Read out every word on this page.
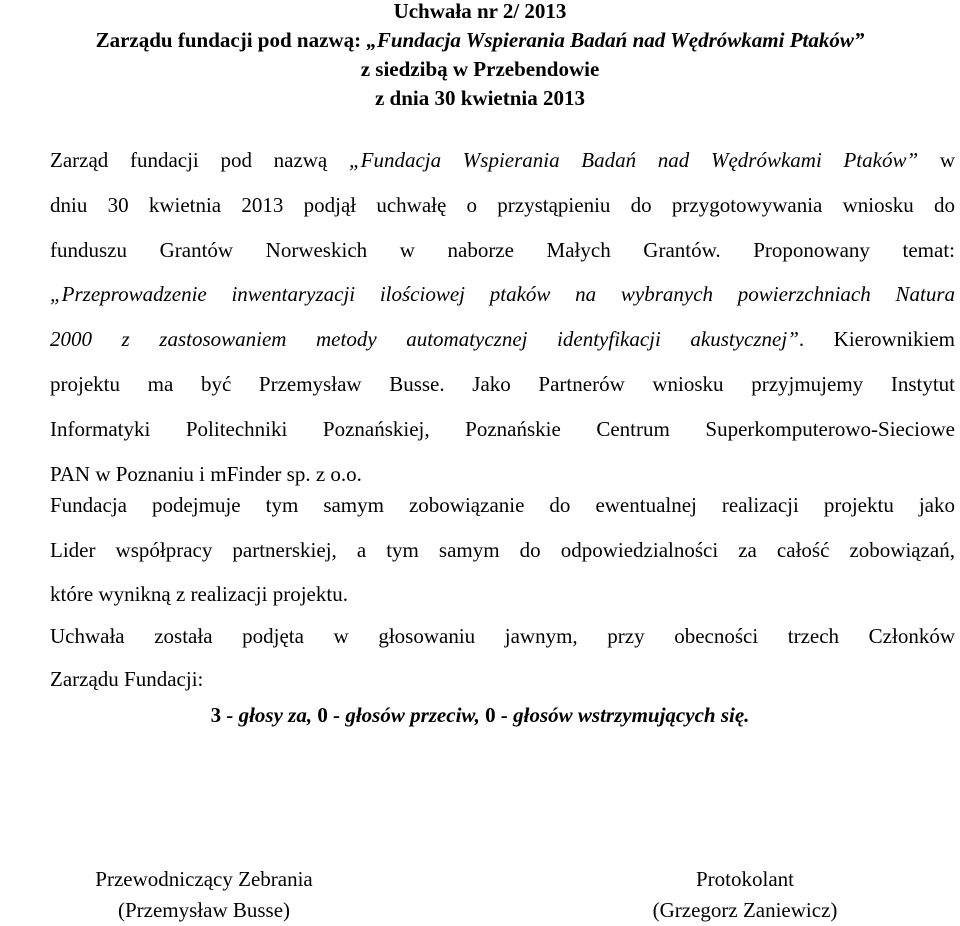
Uchwała nr 2/ 2013
Zarządu fundacji pod nazwą: „Fundacja Wspierania Badań nad Wędrówkami Ptaków”
z siedzibą w Przebendowie
z dnia 30 kwietnia 2013
Zarząd fundacji pod nazwą „Fundacja Wspierania Badań nad Wędrówkami Ptaków” w
dniu 30 kwietnia 2013 podjął uchwałę o przystąpieniu do przygotowywania wniosku do
funduszu Grantów Norweskich w naborze Małych Grantów. Proponowany temat:
„Przeprowadzenie inwentaryzacji ilościowej ptaków na wybranych powierzchniach Natura
2000 z zastosowaniem metody automatycznej identyfikacji akustycznej”. Kierownikiem
projektu ma być Przemysław Busse. Jako Partnerów wniosku przyjmujemy Instytut
Informatyki Politechniki Poznańskiej, Poznańskie Centrum Superkomputerowo-Sieciowe
PAN w Poznaniu i mFinder sp. z o.o.
Fundacja podejmuje tym samym zobowiązanie do ewentualnej realizacji projektu jako
Lider współpracy partnerskiej, a tym samym do odpowiedzialności za całość zobowiązań,
które wynikną z realizacji projektu.
Uchwała została podjęta w głosowaniu jawnym, przy obecności trzech Członków
Zarządu Fundacji:
3 - głosy za, 0 - głosów przeciw, 0 - głosów wstrzymujących się.
Przewodniczący Zebrania
(Przemysław Busse)
Protokolant
(Grzegorz Zaniewicz)
